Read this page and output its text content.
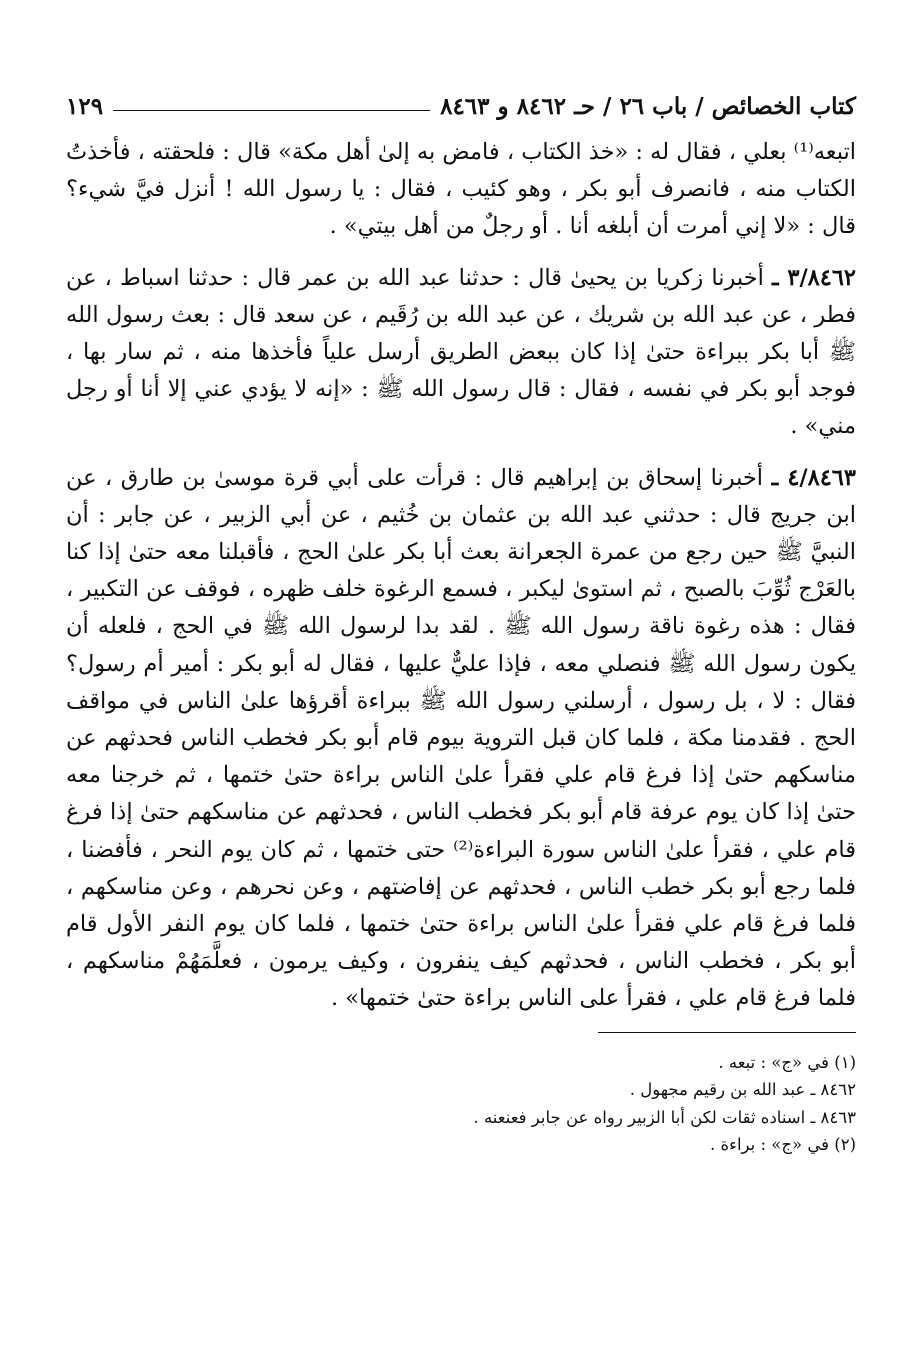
كتاب الخصائص / باب ٢٦ / حـ ٨٤٦٢ و ٨٤٦٣
١٢٩

اتبعه⁽¹⁾ بعلي ، فقال له : «خذ الكتاب ، فامض به إلىٰ أهل مكة» قال : فلحقته ، فأخذتُ الكتاب منه ، فانصرف أبو بكر ، وهو كئيب ، فقال : يا رسول الله ! أنزل فيَّ شيء؟ قال : «لا إني أمرت أن أبلغه أنا . أو رجلٌ من أهل بيتي» .

٣/٨٤٦٢ ـ أخبرنا زكريا بن يحيىٰ قال : حدثنا عبد الله بن عمر قال : حدثنا اسباط ، عن فطر ، عن عبد الله بن شريك ، عن عبد الله بن رُقَيم ، عن سعد قال : بعث رسول الله ﷺ أبا بكر ببراءة حتىٰ إذا كان ببعض الطريق أرسل علياً فأخذها منه ، ثم سار بها ، فوجد أبو بكر في نفسه ، فقال : قال رسول الله ﷺ : «إنه لا يؤدي عني إلا أنا أو رجل مني» .

٤/٨٤٦٣ ـ أخبرنا إسحاق بن إبراهيم قال : قرأت على أبي قرة موسىٰ بن طارق ، عن ابن جريج قال : حدثني عبد الله بن عثمان بن خُثيم ، عن أبي الزبير ، عن جابر : أن النبيَّ ﷺ حين رجع من عمرة الجعرانة بعث أبا بكر علىٰ الحج ، فأقبلنا معه حتىٰ إذا كنا بالعَرْج ثُوِّبَ بالصبح ، ثم استوىٰ ليكبر ، فسمع الرغوة خلف ظهره ، فوقف عن التكبير ، فقال : هذه رغوة ناقة رسول الله ﷺ . لقد بدا لرسول الله ﷺ في الحج ، فلعله أن يكون رسول الله ﷺ فنصلي معه ، فإذا عليٌّ عليها ، فقال له أبو بكر : أمير أم رسول؟ فقال : لا ، بل رسول ، أرسلني رسول الله ﷺ ببراءة أقرؤها علىٰ الناس في مواقف الحج . فقدمنا مكة ، فلما كان قبل التروية بيوم قام أبو بكر فخطب الناس فحدثهم عن مناسكهم حتىٰ إذا فرغ قام علي فقرأ علىٰ الناس براءة حتىٰ ختمها ، ثم خرجنا معه حتىٰ إذا كان يوم عرفة قام أبو بكر فخطب الناس ، فحدثهم عن مناسكهم حتىٰ إذا فرغ قام علي ، فقرأ علىٰ الناس سورة البراءة⁽²⁾ حتى ختمها ، ثم كان يوم النحر ، فأفضنا ، فلما رجع أبو بكر خطب الناس ، فحدثهم عن إفاضتهم ، وعن نحرهم ، وعن مناسكهم ، فلما فرغ قام علي فقرأ علىٰ الناس براءة حتىٰ ختمها ، فلما كان يوم النفر الأول قام أبو بكر ، فخطب الناس ، فحدثهم كيف ينفرون ، وكيف يرمون ، فعلَّمَهُمْ مناسكهم ، فلما فرغ قام علي ، فقرأ على الناس براءة حتىٰ ختمها» .

(١) في «ج» : تبعه .

٨٤٦٢ ـ عبد الله بن رقيم مجهول .

٨٤٦٣ ـ اسناده ثقات لكن أبا الزبير رواه عن جابر فعنعنه .

(٢) في «ج» : براءة .
